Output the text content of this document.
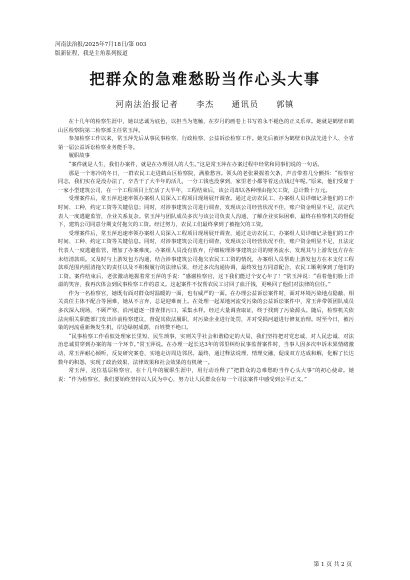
河南法治报/2025年7月18日/第 003
版新征程，我是主角系列报道
把群众的急难愁盼当作心头大事
河南法治报记者 李杰 通讯员 郭镇

在十几年的检察生涯中，她以忠诚为底色，以担当为笔触，在岁月的画卷上书写着永不褪色的正义乐章。她就是鹤壁市鹤山区检察院第二检察部主任常玉萍。

参加检察工作以来，常玉萍先后从事民事检察、行政检察、公益诉讼检察工作。她先后被评为鹤壁市执法先进个人、全省第一届公益诉讼检察业务能手等。

履职故事

“案件就是人生，我们办案件，就是在办理别人的人生。”这是常玉萍在办案过程中经常和同事们说的一句话。

那是一个寒冷的冬日，一群农民工走进鹤山区检察院，满脸愁容。领头的老张紧握着欠条，声音带着几分颤抖：“检察官同志，我们实在是没办法了，辛苦干了大半年的活儿，一分工钱也没拿到，家里老小都等着这点钱过年呢。”原来，他们受雇于一家小型建筑公司，在一个工程项目上忙活了大半年，工程结束后，该公司却以各种理由拖欠工资，总计数十万元。

受理案件后，常玉萍迅速率领办案组人员深入工程项目现场展开调查。通过走访农民工、办案组人员详细记录他们的工作时间、工种，约定工资等关键信息；同时，对涉事建筑公司进行调查，发现该公司经营状况不佳，账户资金明显不足，法定代表人一度逃避监管，企业关系复杂。常玉萍与团队成员多次与该公司负责人沟通，了解企业实际困难，最终在检察机关的督促下，建筑公司同意分期支付拖欠的工资。经过努力，农民工们最终拿到了被拖欠的工资。

受理案件后，常玉萍迅速率领办案组人员深入工程项目现场展开调查，通过走访农民工，办案组人员详细记录他们的工作时间、工种、约定工资等关键信息。同时，对涉事建筑公司进行调查，发现该公司经营状况不佳，账户资金明显不足，且法定代表人一度逃避监管，增加了办案难度。办案组人员没有放弃，仔细梳理涉事建筑公司的财务流水，发现其与上游发包方存在未结清款项。又及时与上游发包方沟通，结合涉事建筑公司拖欠农民工工资的情况，办案组人员帮助上游发包方在本支付工程款项范围内厘清拖欠的责任以及不积极履行的法律后果，经过多次沟通协调，最终发包方同意配合，农民工顺利拿到了他们的工资。案件结束后，老张激动地握着常玉萍的手说：“感谢检察官，这下我们能过个安心年了！”常玉萍说：“看着他们脸上洋溢的笑容，我再次体会到民事检察工作的意义。这起案件不仅帮农民工讨回了血汗钱，更唤回了他们对法律的信任。”

作为一名检察官，她既有面对群众时温暖的一面，也有威严的一面。在办理公益诉讼案件时，面对环境污染地点隐蔽、相关责任主体不配合等困难，她从不言弃，总是迎难而上。在处理一起某地河流受污染的公益诉讼案件中，常玉萍带领团队成员多次深入现场，不顾严寒，沿河道逐一排查排污口，采集水样。经过大量调查取证，终于找到了污染源头。随后，检察机关依法向相关职能部门发出诊前检察建议，督促其依法履职，对污染企业进行处罚，并对受损河道进行修复治理。时至今日，被污染的河流重新焕发生机，岸边绿树成荫，百姓赞不绝口。

“民事检察工作看似处理家长里短、民生琐事，实则关乎社会和谐稳定的大局，我们坚持把对党忠诚、对人民忠诚、对法治忠诚贯穿到办案的每一个环节。”常玉萍说。在办理一起长达3年的邻里纠纷民事监督案件时，当事人因多次申诉未果情绪激动，常玉萍耐心倾听，反复研究案卷，实地走访周边邻居。最终，通过释法说理、情理交融，促成双方达成和解，化解了长达数年的积怨，实现了政治效果、法律效果和社会效果的有机统一。

常玉萍，这位基层检察官，在十几年的履职生涯中，用行动诠释了“把群众的急难愁盼当作心头大事”的初心使命。她说：“作为检察官，我们要始终坚持以人民为中心，努力让人民群众在每一个司法案件中感受到公平正义。”

第 1 页 共 2 页
